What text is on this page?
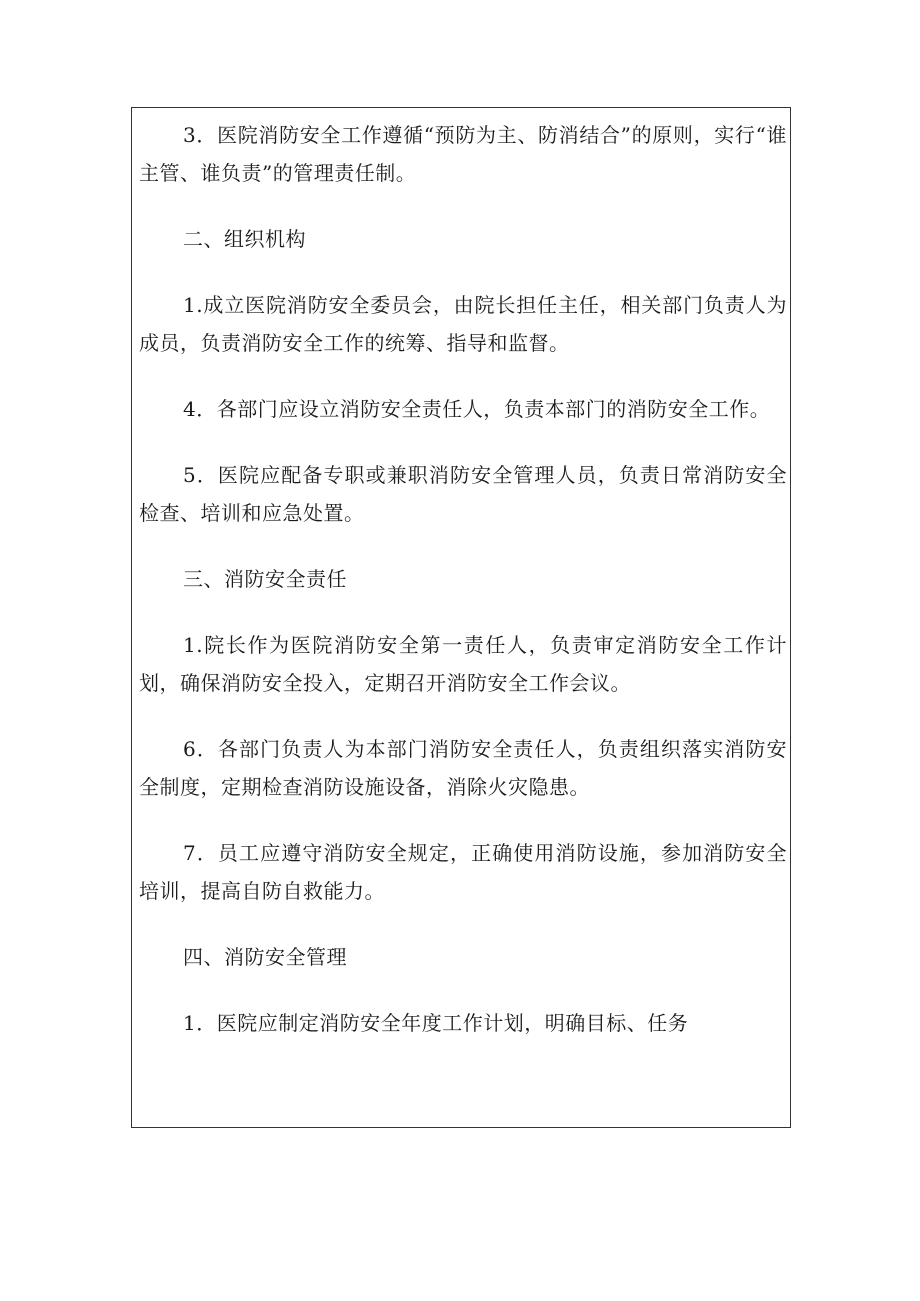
3．医院消防安全工作遵循“预防为主、防消结合”的原则，实行“谁主管、谁负责”的管理责任制。

二、组织机构

1.成立医院消防安全委员会，由院长担任主任，相关部门负责人为成员，负责消防安全工作的统筹、指导和监督。

4．各部门应设立消防安全责任人，负责本部门的消防安全工作。

5．医院应配备专职或兼职消防安全管理人员，负责日常消防安全检查、培训和应急处置。

三、消防安全责任

1.院长作为医院消防安全第一责任人，负责审定消防安全工作计划，确保消防安全投入，定期召开消防安全工作会议。

6．各部门负责人为本部门消防安全责任人，负责组织落实消防安全制度，定期检查消防设施设备，消除火灾隐患。

7．员工应遵守消防安全规定，正确使用消防设施，参加消防安全培训，提高自防自救能力。

四、消防安全管理

1．医院应制定消防安全年度工作计划，明确目标、任务
